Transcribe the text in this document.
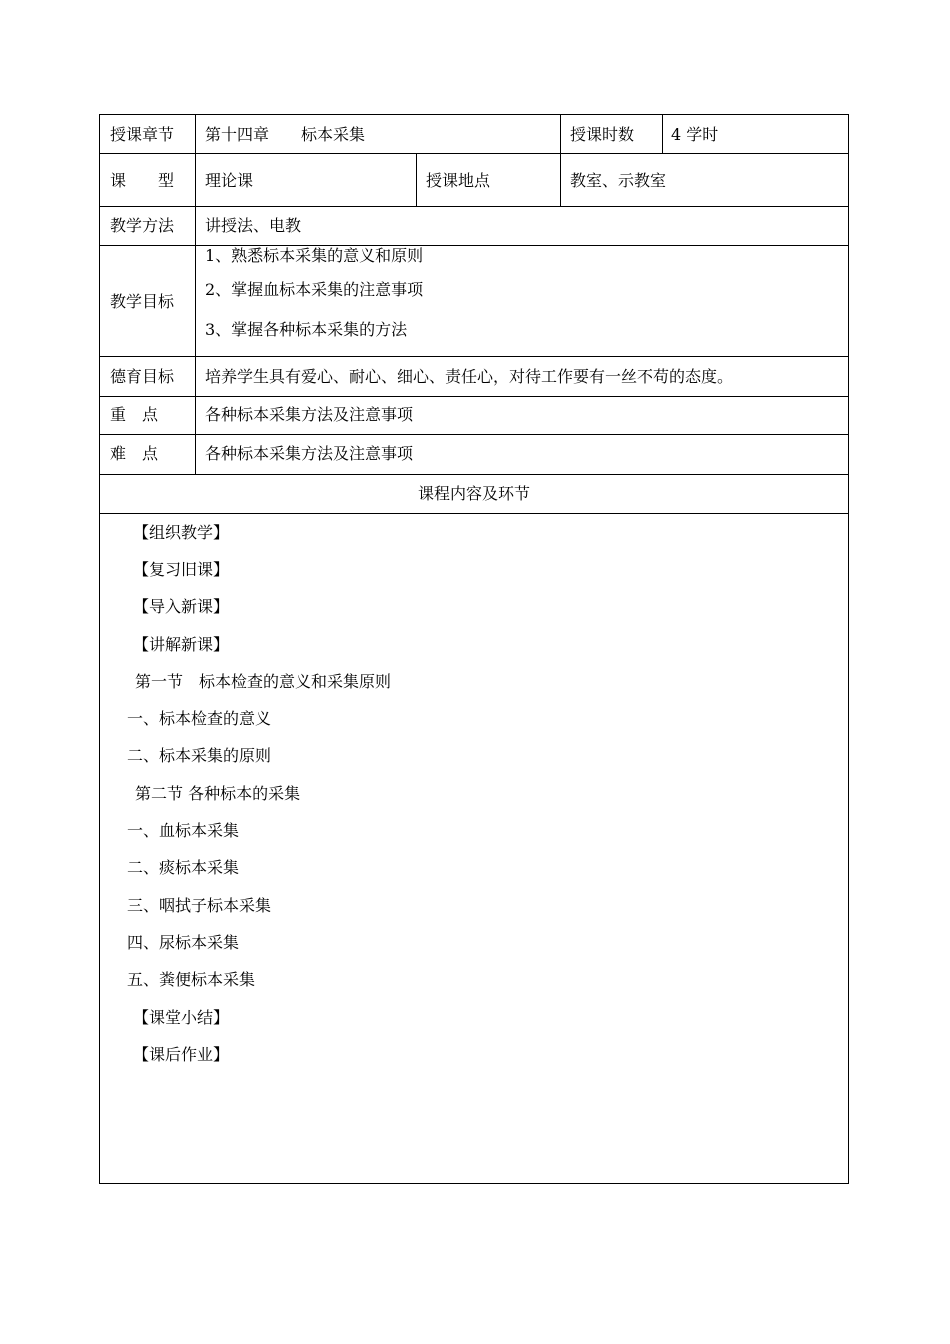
授课章节 第十四章　　标本采集	授课时数 4 学时
课　　型 理论课	授课地点	教室、示教室
教学方法 讲授法、电教
教学目标
1、熟悉标本采集的意义和原则
2、掌握血标本采集的注意事项
3、掌握各种标本采集的方法
德育目标 培养学生具有爱心、耐心、细心、责任心，对待工作要有一丝不苟的态度。
重　点	各种标本采集方法及注意事项
难　点	各种标本采集方法及注意事项
课程内容及环节
【组织教学】
【复习旧课】
【导入新课】
【讲解新课】
第一节　标本检查的意义和采集原则
一、标本检查的意义
二、标本采集的原则
第二节 各种标本的采集
一、血标本采集
二、痰标本采集
三、咽拭子标本采集
四、尿标本采集
五、粪便标本采集
【课堂小结】
【课后作业】
